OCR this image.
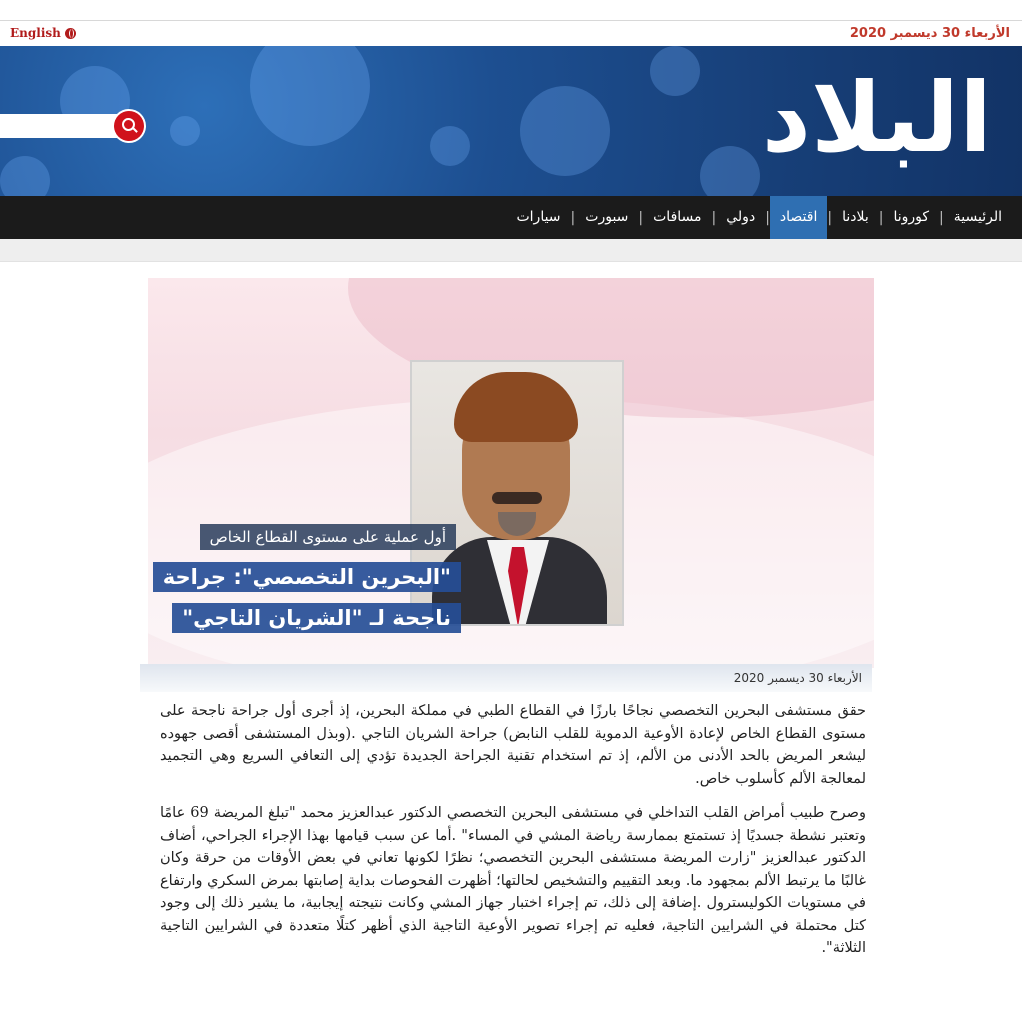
English	الأربعاء 30 ديسمبر 2020
البلاد
الرئيسية
|
كورونا
|
بلادنا
|
اقتصاد
|
دولي
|
مسافات
|
سبورت
|
سيارات
أول عملية على مستوى القطاع الخاص
"البحرين التخصصي": جراحة
ناجحة لـ "الشريان التاجي"
الأربعاء 30 ديسمبر 2020

حقق مستشفى البحرين التخصصي نجاحًا بارزًا في القطاع الطبي في مملكة البحرين، إذ أجرى أول جراحة ناجحة على مستوى القطاع الخاص لإعادة الأوعية الدموية للقلب النابض) جراحة الشريان التاجي .(وبذل المستشفى أقصى جهوده ليشعر المريض بالحد الأدنى من الألم، إذ تم استخدام تقنية الجراحة الجديدة تؤدي إلى التعافي السريع وهي التجميد لمعالجة الألم كأسلوب خاص.

وصرح طبيب أمراض القلب التداخلي في مستشفى البحرين التخصصي الدكتور عبدالعزيز محمد "تبلغ المريضة 69 عامًا وتعتبر نشطة جسديًا إذ تستمتع بممارسة رياضة المشي في المساء" .أما عن سبب قيامها بهذا الإجراء الجراحي، أضاف الدكتور عبدالعزيز "زارت المريضة مستشفى البحرين التخصصي؛ نظرًا لكونها تعاني في بعض الأوقات من حرقة وكان غالبًا ما يرتبط الألم بمجهود ما. وبعد التقييم والتشخيص لحالتها؛ أظهرت الفحوصات بداية إصابتها بمرض السكري وارتفاع في مستويات الكوليسترول .إضافة إلى ذلك، تم إجراء اختبار جهاز المشي وكانت نتيجته إيجابية، ما يشير ذلك إلى وجود كتل محتملة في الشرايين التاجية، فعليه تم إجراء تصوير الأوعية التاجية الذي أظهر كتلًا متعددة في الشرايين التاجية الثلاثة".
